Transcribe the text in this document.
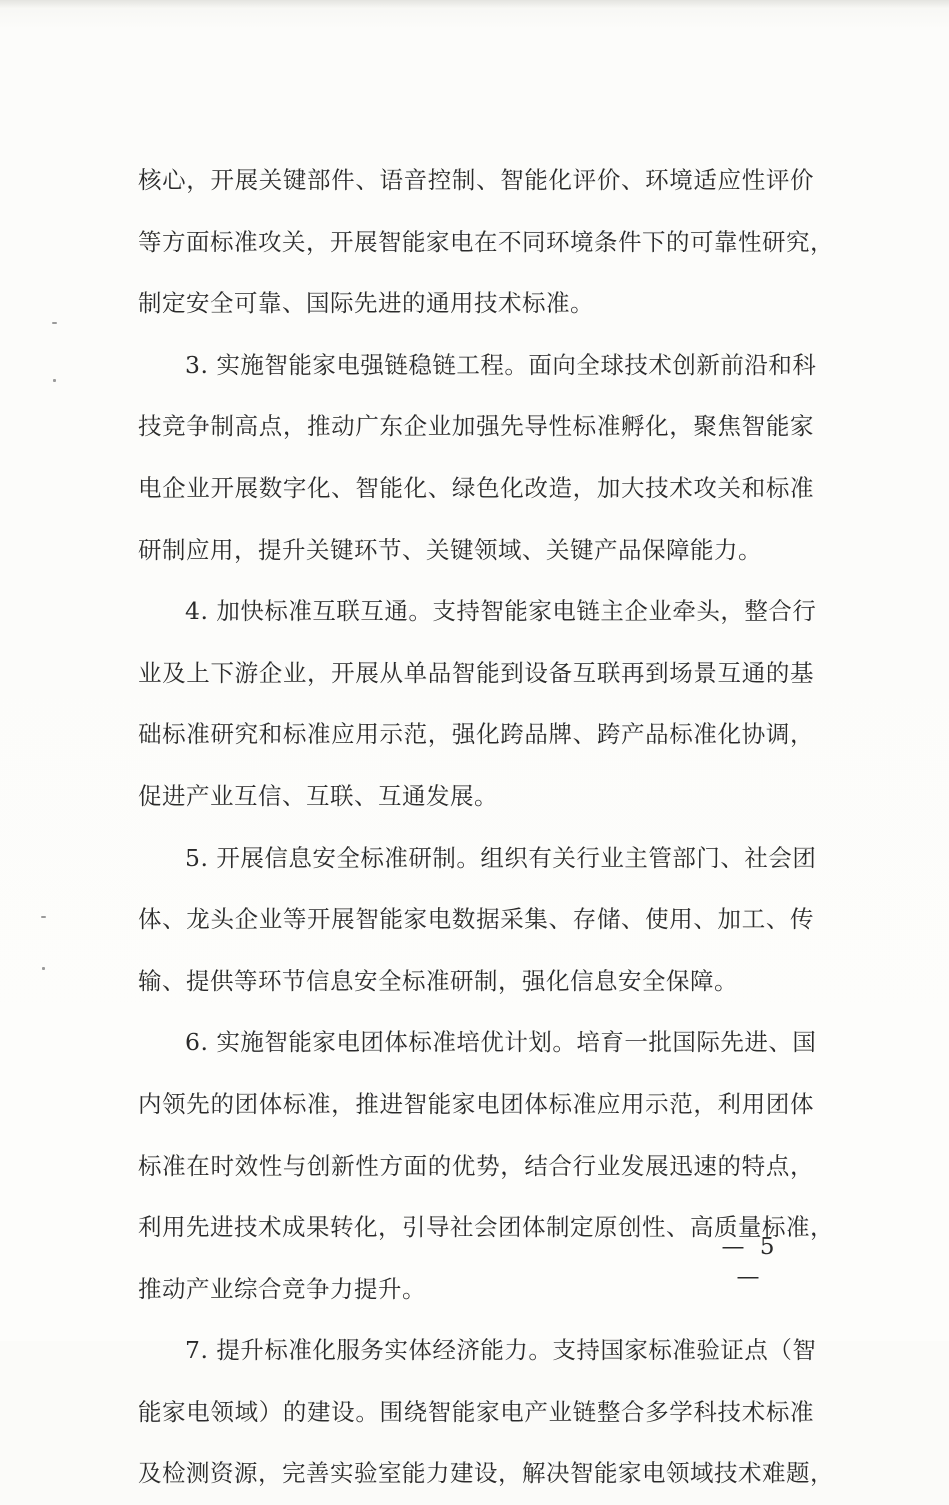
核心，开展关键部件、语音控制、智能化评价、环境适应性评价
等方面标准攻关，开展智能家电在不同环境条件下的可靠性研究，
制定安全可靠、国际先进的通用技术标准。
3. 实施智能家电强链稳链工程。面向全球技术创新前沿和科
技竞争制高点，推动广东企业加强先导性标准孵化，聚焦智能家
电企业开展数字化、智能化、绿色化改造，加大技术攻关和标准
研制应用，提升关键环节、关键领域、关键产品保障能力。
4. 加快标准互联互通。支持智能家电链主企业牵头，整合行
业及上下游企业，开展从单品智能到设备互联再到场景互通的基
础标准研究和标准应用示范，强化跨品牌、跨产品标准化协调，
促进产业互信、互联、互通发展。
5. 开展信息安全标准研制。组织有关行业主管部门、社会团
体、龙头企业等开展智能家电数据采集、存储、使用、加工、传
输、提供等环节信息安全标准研制，强化信息安全保障。
6. 实施智能家电团体标准培优计划。培育一批国际先进、国
内领先的团体标准，推进智能家电团体标准应用示范，利用团体
标准在时效性与创新性方面的优势，结合行业发展迅速的特点，
利用先进技术成果转化，引导社会团体制定原创性、高质量标准，
推动产业综合竞争力提升。
7. 提升标准化服务实体经济能力。支持国家标准验证点（智
能家电领域）的建设。围绕智能家电产业链整合多学科技术标准
及检测资源，完善实验室能力建设，解决智能家电领域技术难题，
— 5 —
